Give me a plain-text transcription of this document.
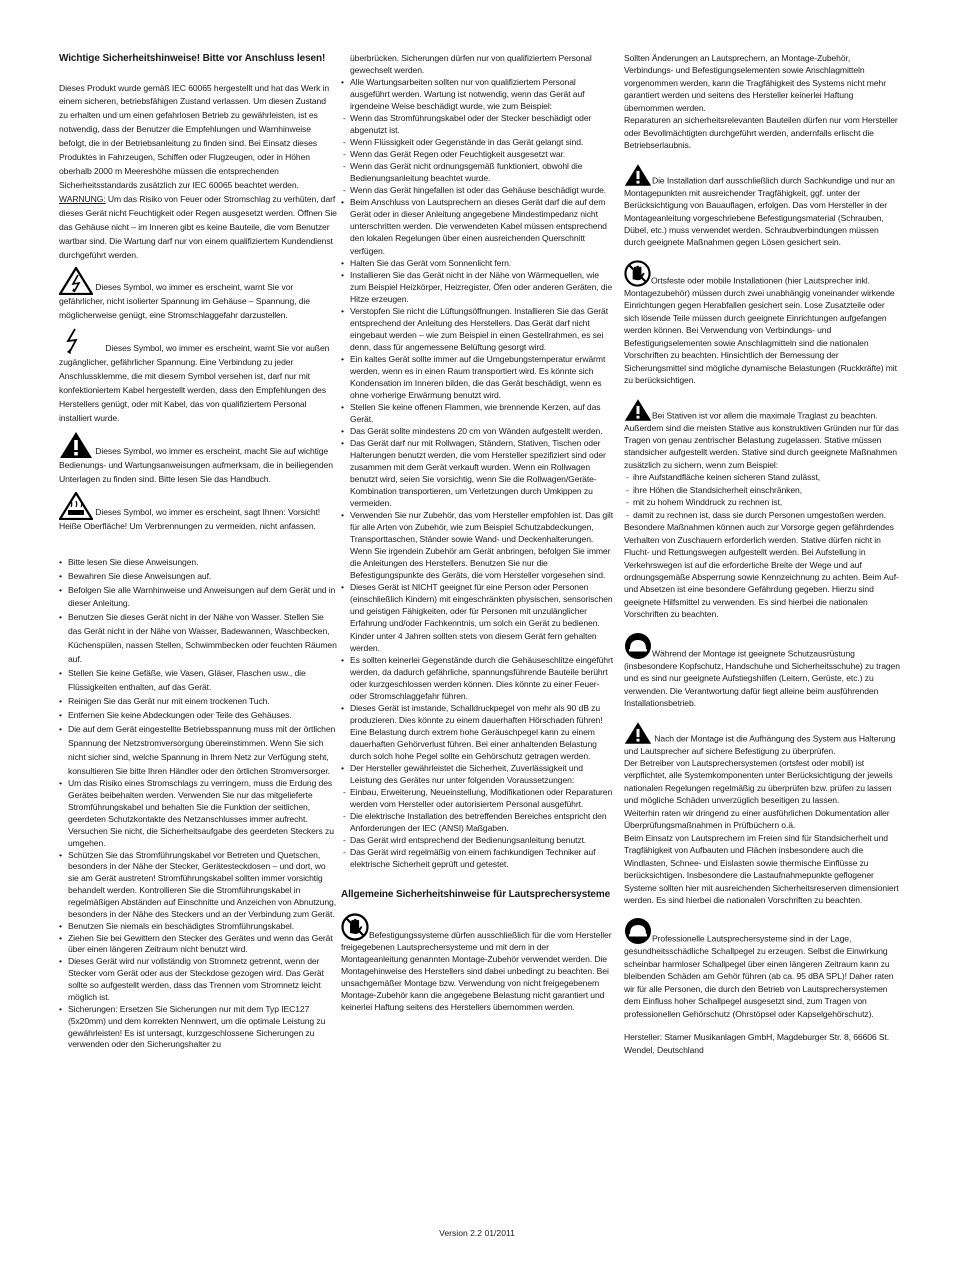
Wichtige Sicherheitshinweise! Bitte vor Anschluss lesen!

Dieses Produkt wurde gemäß IEC 60065 hergestellt und hat das Werk in einem sicheren, betriebsfähigen Zustand verlassen. Um diesen Zustand zu erhalten und um einen gefahrlosen Betrieb zu gewährleisten, ist es notwendig, dass der Benutzer die Empfehlungen und Warnhinweise befolgt, die in der Betriebsanleitung zu finden sind. Bei Einsatz dieses Produktes in Fahrzeugen, Schiffen oder Flugzeugen, oder in Höhen oberhalb 2000 m Meereshöhe müssen die entsprechenden Sicherheitsstandards zusätzlich zur IEC 60065 beachtet werden.

WARNUNG: Um das Risiko von Feuer oder Stromschlag zu verhüten, darf dieses Gerät nicht Feuchtigkeit oder Regen ausgesetzt werden. Öffnen Sie das Gehäuse nicht – im Inneren gibt es keine Bauteile, die vom Benutzer wartbar sind. Die Wartung darf nur von einem qualifiziertem Kundendienst durchgeführt werden.

Dieses Symbol, wo immer es erscheint, warnt Sie vor gefährlicher, nicht isolierter Spannung im Gehäuse – Spannung, die möglicherweise genügt, eine Stromschlaggefahr darzustellen.

Dieses Symbol, wo immer es erscheint, warnt Sie vor außen zugänglicher, gefährlicher Spannung. Eine Verbindung zu jeder Anschlussklemme, die mit diesem Symbol versehen ist, darf nur mit konfektioniertem Kabel hergestellt werden, dass den Empfehlungen des Herstellers genügt, oder mit Kabel, das von qualifiziertem Personal installiert wurde.

Dieses Symbol, wo immer es erscheint, macht Sie auf wichtige Bedienungs- und Wartungsanweisungen aufmerksam, die in beiliegenden Unterlagen zu finden sind. Bitte lesen Sie das Handbuch.

Dieses Symbol, wo immer es erscheint, sagt Ihnen: Vorsicht! Heiße Oberfläche! Um Verbrennungen zu vermeiden, nicht anfassen.

• Bitte lesen Sie diese Anweisungen.
• Bewahren Sie diese Anweisungen auf.
• Befolgen Sie alle Warnhinweise und Anweisungen auf dem Gerät und in dieser Anleitung.
• Benutzen Sie dieses Gerät nicht in der Nähe von Wasser. Stellen Sie das Gerät nicht in der Nähe von Wasser, Badewannen, Waschbecken, Küchenspülen, nassen Stellen, Schwimmbecken oder feuchten Räumen auf.
• Stellen Sie keine Gefäße, wie Vasen, Gläser, Flaschen usw., die Flüssigkeiten enthalten, auf das Gerät.
• Reinigen Sie das Gerät nur mit einem trockenen Tuch.
• Entfernen Sie keine Abdeckungen oder Teile des Gehäuses.
• Die auf dem Gerät eingestellte Betriebsspannung muss mit der örtlichen Spannung der Netzstromversorgung übereinstimmen. Wenn Sie sich nicht sicher sind, welche Spannung in Ihrem Netz zur Verfügung steht, konsultieren Sie bitte Ihren Händler oder den örtlichen Stromversorger.
• Um das Risiko eines Stromschlags zu verringern, muss die Erdung des Gerätes beibehalten werden. Verwenden Sie nur das mitgelieferte Stromführungskabel und behalten Sie die Funktion der seitlichen, geerdeten Schutzkontakte des Netzanschlusses immer aufrecht. Versuchen Sie nicht, die Sicherheitsaufgabe des geerdeten Steckers zu umgehen.
• Schützen Sie das Stromführungskabel vor Betreten und Quetschen, besonders in der Nähe der Stecker, Gerätesteckdosen – und dort, wo sie am Gerät austreten! Stromführungskabel sollten immer vorsichtig behandelt werden. Kontrollieren Sie die Stromführungskabel in regelmäßigen Abständen auf Einschnitte und Anzeichen von Abnutzung, besonders in der Nähe des Steckers und an der Verbindung zum Gerät.
• Benutzen Sie niemals ein beschädigtes Stromführungskabel.
• Ziehen Sie bei Gewittern den Stecker des Gerätes und wenn das Gerät über einen längeren Zeitraum nicht benutzt wird.
• Dieses Gerät wird nur vollständig von Stromnetz getrennt, wenn der Stecker vom Gerät oder aus der Steckdose gezogen wird. Das Gerät sollte so aufgestellt werden, dass das Trennen vom Stromnetz leicht möglich ist.
• Sicherungen: Ersetzen Sie Sicherungen nur mit dem Typ IEC127 (5x20mm) und dem korrekten Nennwert, um die optimale Leistung zu gewährleisten! Es ist untersagt, kurzgeschlossene Sicherungen zu verwenden oder den Sicherungshalter zu

überbrücken. Sicherungen dürfen nur von qualifiziertem Personal gewechselt werden.

• Alle Wartungsarbeiten sollten nur von qualifiziertem Personal ausgeführt werden. Wartung ist notwendig, wenn das Gerät auf irgendeine Weise beschädigt wurde, wie zum Beispiel:

- Wenn das Stromführungskabel oder der Stecker beschädigt oder abgenutzt ist.

- Wenn Flüssigkeit oder Gegenstände in das Gerät gelangt sind.

- Wenn das Gerät Regen oder Feuchtigkeit ausgesetzt war.

- Wenn das Gerät nicht ordnungsgemäß funktioniert, obwohl die Bedienungsanleitung beachtet wurde.

- Wenn das Gerät hingefallen ist oder das Gehäuse beschädigt wurde.

• Beim Anschluss von Lautsprechern an dieses Gerät darf die auf dem Gerät oder in dieser Anleitung angegebene Mindestimpedanz nicht unterschritten werden. Die verwendeten Kabel müssen entsprechend den lokalen Regelungen über einen ausreichenden Querschnitt verfügen.
• Halten Sie das Gerät vom Sonnenlicht fern.
• Installieren Sie das Gerät nicht in der Nähe von Wärmequellen, wie zum Beispiel Heizkörper, Heizregister, Öfen oder anderen Geräten, die Hitze erzeugen.
• Verstopfen Sie nicht die Lüftungsöffnungen. Installieren Sie das Gerät entsprechend der Anleitung des Herstellers. Das Gerät darf nicht eingebaut werden – wie zum Beispiel in einen Gestellrahmen, es sei denn, dass für angemessene Belüftung gesorgt wird.
• Ein kaltes Gerät sollte immer auf die Umgebungstemperatur erwärmt werden, wenn es in einen Raum transportiert wird. Es könnte sich Kondensation im Inneren bilden, die das Gerät beschädigt, wenn es ohne vorherige Erwärmung benutzt wird.
• Stellen Sie keine offenen Flammen, wie brennende Kerzen, auf das Gerät.
• Das Gerät sollte mindestens 20 cm von Wänden aufgestellt werden.
• Das Gerät darf nur mit Rollwagen, Ständern, Stativen, Tischen oder Halterungen benutzt werden, die vom Hersteller spezifiziert sind oder zusammen mit dem Gerät verkauft wurden. Wenn ein Rollwagen benutzt wird, seien Sie vorsichtig, wenn Sie die Rollwagen/Geräte-Kombination transportieren, um Verletzungen durch Umkippen zu vermeiden.
• Verwenden Sie nur Zubehör, das vom Hersteller empfohlen ist. Das gilt für alle Arten von Zubehör, wie zum Beispiel Schutzabdeckungen, Transporttaschen, Ständer sowie Wand- und Deckenhalterungen. Wenn Sie irgendein Zubehör am Gerät anbringen, befolgen Sie immer die Anleitungen des Herstellers. Benutzen Sie nur die Befestigungspunkte des Geräts, die vom Hersteller vorgesehen sind.
• Dieses Gerät ist NICHT geeignet für eine Person oder Personen (einschließlich Kindern) mit eingeschränkten physischen, sensorischen und geistigen Fähigkeiten, oder für Personen mit unzulänglicher Erfahrung und/oder Fachkenntnis, um solch ein Gerät zu bedienen. Kinder unter 4 Jahren sollten stets von diesem Gerät fern gehalten werden.
• Es sollten keinerlei Gegenstände durch die Gehäuseschlitze eingeführt werden, da dadurch gefährliche, spannungsführende Bauteile berührt oder kurzgeschlossen werden können. Dies könnte zu einer Feuer- oder Stromschlaggefahr führen.
• Dieses Gerät ist imstande, Schalldruckpegel von mehr als 90 dB zu produzieren. Dies könnte zu einem dauerhaften Hörschaden führen! Eine Belastung durch extrem hohe Geräuschpegel kann zu einem dauerhaften Gehörverlust führen. Bei einer anhaltenden Belastung durch solch hohe Pegel sollte ein Gehörschutz getragen werden.
• Der Hersteller gewährleistet die Sicherheit, Zuverlässigkeit und Leistung des Gerätes nur unter folgenden Voraussetzungen:

- Einbau, Erweiterung, Neueinstellung, Modifikationen oder Reparaturen werden vom Hersteller oder autorisiertem Personal ausgeführt.

- Die elektrische Installation des betreffenden Bereiches entspricht den Anforderungen der IEC (ANSI) Maßgaben.

- Das Gerät wird entsprechend der Bedienungsanleitung benutzt.

- Das Gerät wird regelmäßig von einem fachkundigen Techniker auf elektrische Sicherheit geprüft und getestet.

Allgemeine Sicherheitshinweise für Lautsprechersysteme

Befestigungssysteme dürfen ausschließlich für die vom Hersteller freigegebenen Lautsprechersysteme und mit dem in der Montageanleitung genannten Montage-Zubehör verwendet werden. Die Montagehinweise des Herstellers sind dabei unbedingt zu beachten. Bei unsachgemäßer Montage bzw. Verwendung von nicht freigegebenem Montage-Zubehör kann die angegebene Belastung nicht garantiert und keinerlei Haftung seitens des Herstellers übernommen werden.

Sollten Änderungen an Lautsprechern, an Montage-Zubehör, Verbindungs- und Befestigungselementen sowie Anschlagmitteln vorgenommen werden, kann die Tragfähigkeit des Systems nicht mehr garantiert werden und seitens des Hersteller keinerlei Haftung übernommen werden.

Reparaturen an sicherheitsrelevanten Bauteilen dürfen nur vom Hersteller oder Bevollmächtigten durchgeführt werden, andernfalls erlischt die Betriebserlaubnis.

Die Installation darf ausschließlich durch Sachkundige und nur an Montagepunkten mit ausreichender Tragfähigkeit, ggf. unter der Berücksichtigung von Bauauflagen, erfolgen. Das vom Hersteller in der Montageanleitung vorgeschriebene Befestigungsmaterial (Schrauben, Dübel, etc.) muss verwendet werden. Schraubverbindungen müssen durch geeignete Maßnahmen gegen Lösen gesichert sein.

Ortsfeste oder mobile Installationen (hier Lautsprecher inkl. Montagezubehör) müssen durch zwei unabhängig voneinander wirkende Einrichtungen gegen Herabfallen gesichert sein. Lose Zusatzteile oder sich lösende Teile müssen durch geeignete Einrichtungen aufgefangen werden können. Bei Verwendung von Verbindungs- und Befestigungselementen sowie Anschlagmitteln sind die nationalen Vorschriften zu beachten. Hinsichtlich der Bemessung der Sicherungsmittel sind mögliche dynamische Belastungen (Ruckkräfte) mit zu berücksichtigen.

Bei Stativen ist vor allem die maximale Traglast zu beachten. Außerdem sind die meisten Stative aus konstruktiven Gründen nur für das Tragen von genau zentrischer Belastung zugelassen. Stative müssen standsicher aufgestellt werden. Stative sind durch geeignete Maßnahmen zusätzlich zu sichern, wenn zum Beispiel:

- ihre Aufstandfläche keinen sicheren Stand zulässt,

- ihre Höhen die Standsicherheit einschränken,

- mit zu hohem Winddruck zu rechnen ist,

- damit zu rechnen ist, dass sie durch Personen umgestoßen werden.

Besondere Maßnahmen können auch zur Vorsorge gegen gefährdendes Verhalten von Zuschauern erforderlich werden. Stative dürfen nicht in Flucht- und Rettungswegen aufgestellt werden. Bei Aufstellung in Verkehrswegen ist auf die erforderliche Breite der Wege und auf ordnungsgemäße Absperrung sowie Kennzeichnung zu achten. Beim Auf- und Absetzen ist eine besondere Gefährdung gegeben. Hierzu sind geeignete Hilfsmittel zu verwenden. Es sind hierbei die nationalen Vorschriften zu beachten.

Während der Montage ist geeignete Schutzausrüstung (insbesondere Kopfschutz, Handschuhe und Sicherheitsschuhe) zu tragen und es sind nur geeignete Aufstiegshilfen (Leitern, Gerüste, etc.) zu verwenden. Die Verantwortung dafür liegt alleine beim ausführenden Installationsbetrieb.

Nach der Montage ist die Aufhängung des System aus Halterung und Lautsprecher auf sichere Befestigung zu überprüfen.

Der Betreiber von Lautsprechersystemen (ortsfest oder mobil) ist verpflichtet, alle Systemkomponenten unter Berücksichtigung der jeweils nationalen Regelungen regelmäßig zu überprüfen bzw. prüfen zu lassen und mögliche Schäden unverzüglich beseitigen zu lassen.

Weiterhin raten wir dringend zu einer ausführlichen Dokumentation aller Überprüfungsmaßnahmen in Prüfbüchern o.ä.

Beim Einsatz von Lautsprechern im Freien sind für Standsicherheit und Tragfähigkeit von Aufbauten und Flächen insbesondere auch die Windlasten, Schnee- und Eislasten sowie thermische Einflüsse zu berücksichtigen. Insbesondere die Lastaufnahmepunkte geflogener Systeme sollten hier mit ausreichenden Sicherheitsreserven dimensioniert werden. Es sind hierbei die nationalen Vorschriften zu beachten.

Professionelle Lautsprechersysteme sind in der Lage, gesundheitsschädliche Schallpegel zu erzeugen. Selbst die Einwirkung scheinbar harmloser Schallpegel über einen längeren Zeitraum kann zu bleibenden Schäden am Gehör führen (ab ca. 95 dBA SPL)! Daher raten wir für alle Personen, die durch den Betrieb von Lautsprechersystemen dem Einfluss hoher Schallpegel ausgesetzt sind, zum Tragen von professionellen Gehörschutz (Ohrstöpsel oder Kapselgehörschutz).

Hersteller: Stamer Musikanlagen GmbH, Magdeburger Str. 8, 66606 St. Wendel, Deutschland

Version 2.2 01/2011
